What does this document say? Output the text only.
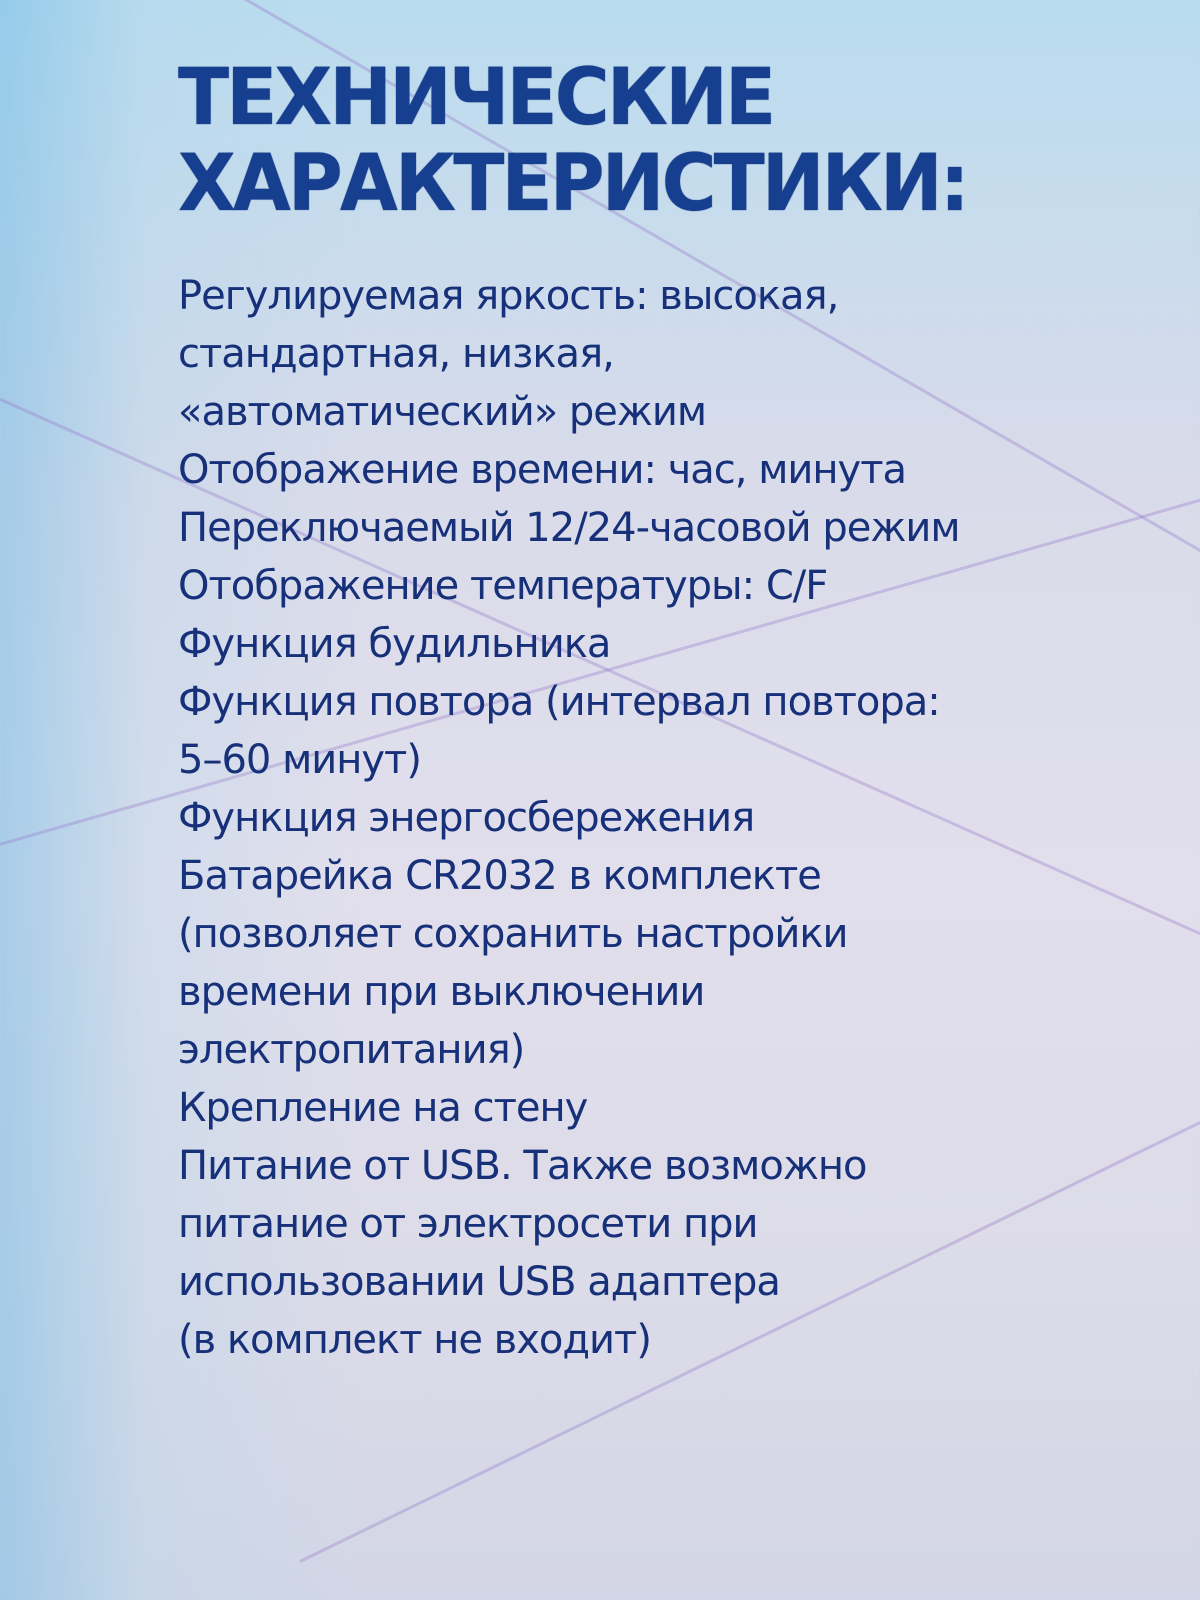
ТЕХНИЧЕСКИЕ
ХАРАКТЕРИСТИКИ:
Регулируемая яркость: высокая,
стандартная, низкая,
«автоматический» режим
Отображение времени: час, минута
Переключаемый 12/24-часовой режим
Отображение температуры: C/F
Функция будильника
Функция повтора (интервал повтора:
5–60 минут)
Функция энергосбережения
Батарейка CR2032 в комплекте
(позволяет сохранить настройки
времени при выключении
электропитания)
Крепление на стену
Питание от USB. Также возможно
питание от электросети при
использовании USB адаптера
(в комплект не входит)
